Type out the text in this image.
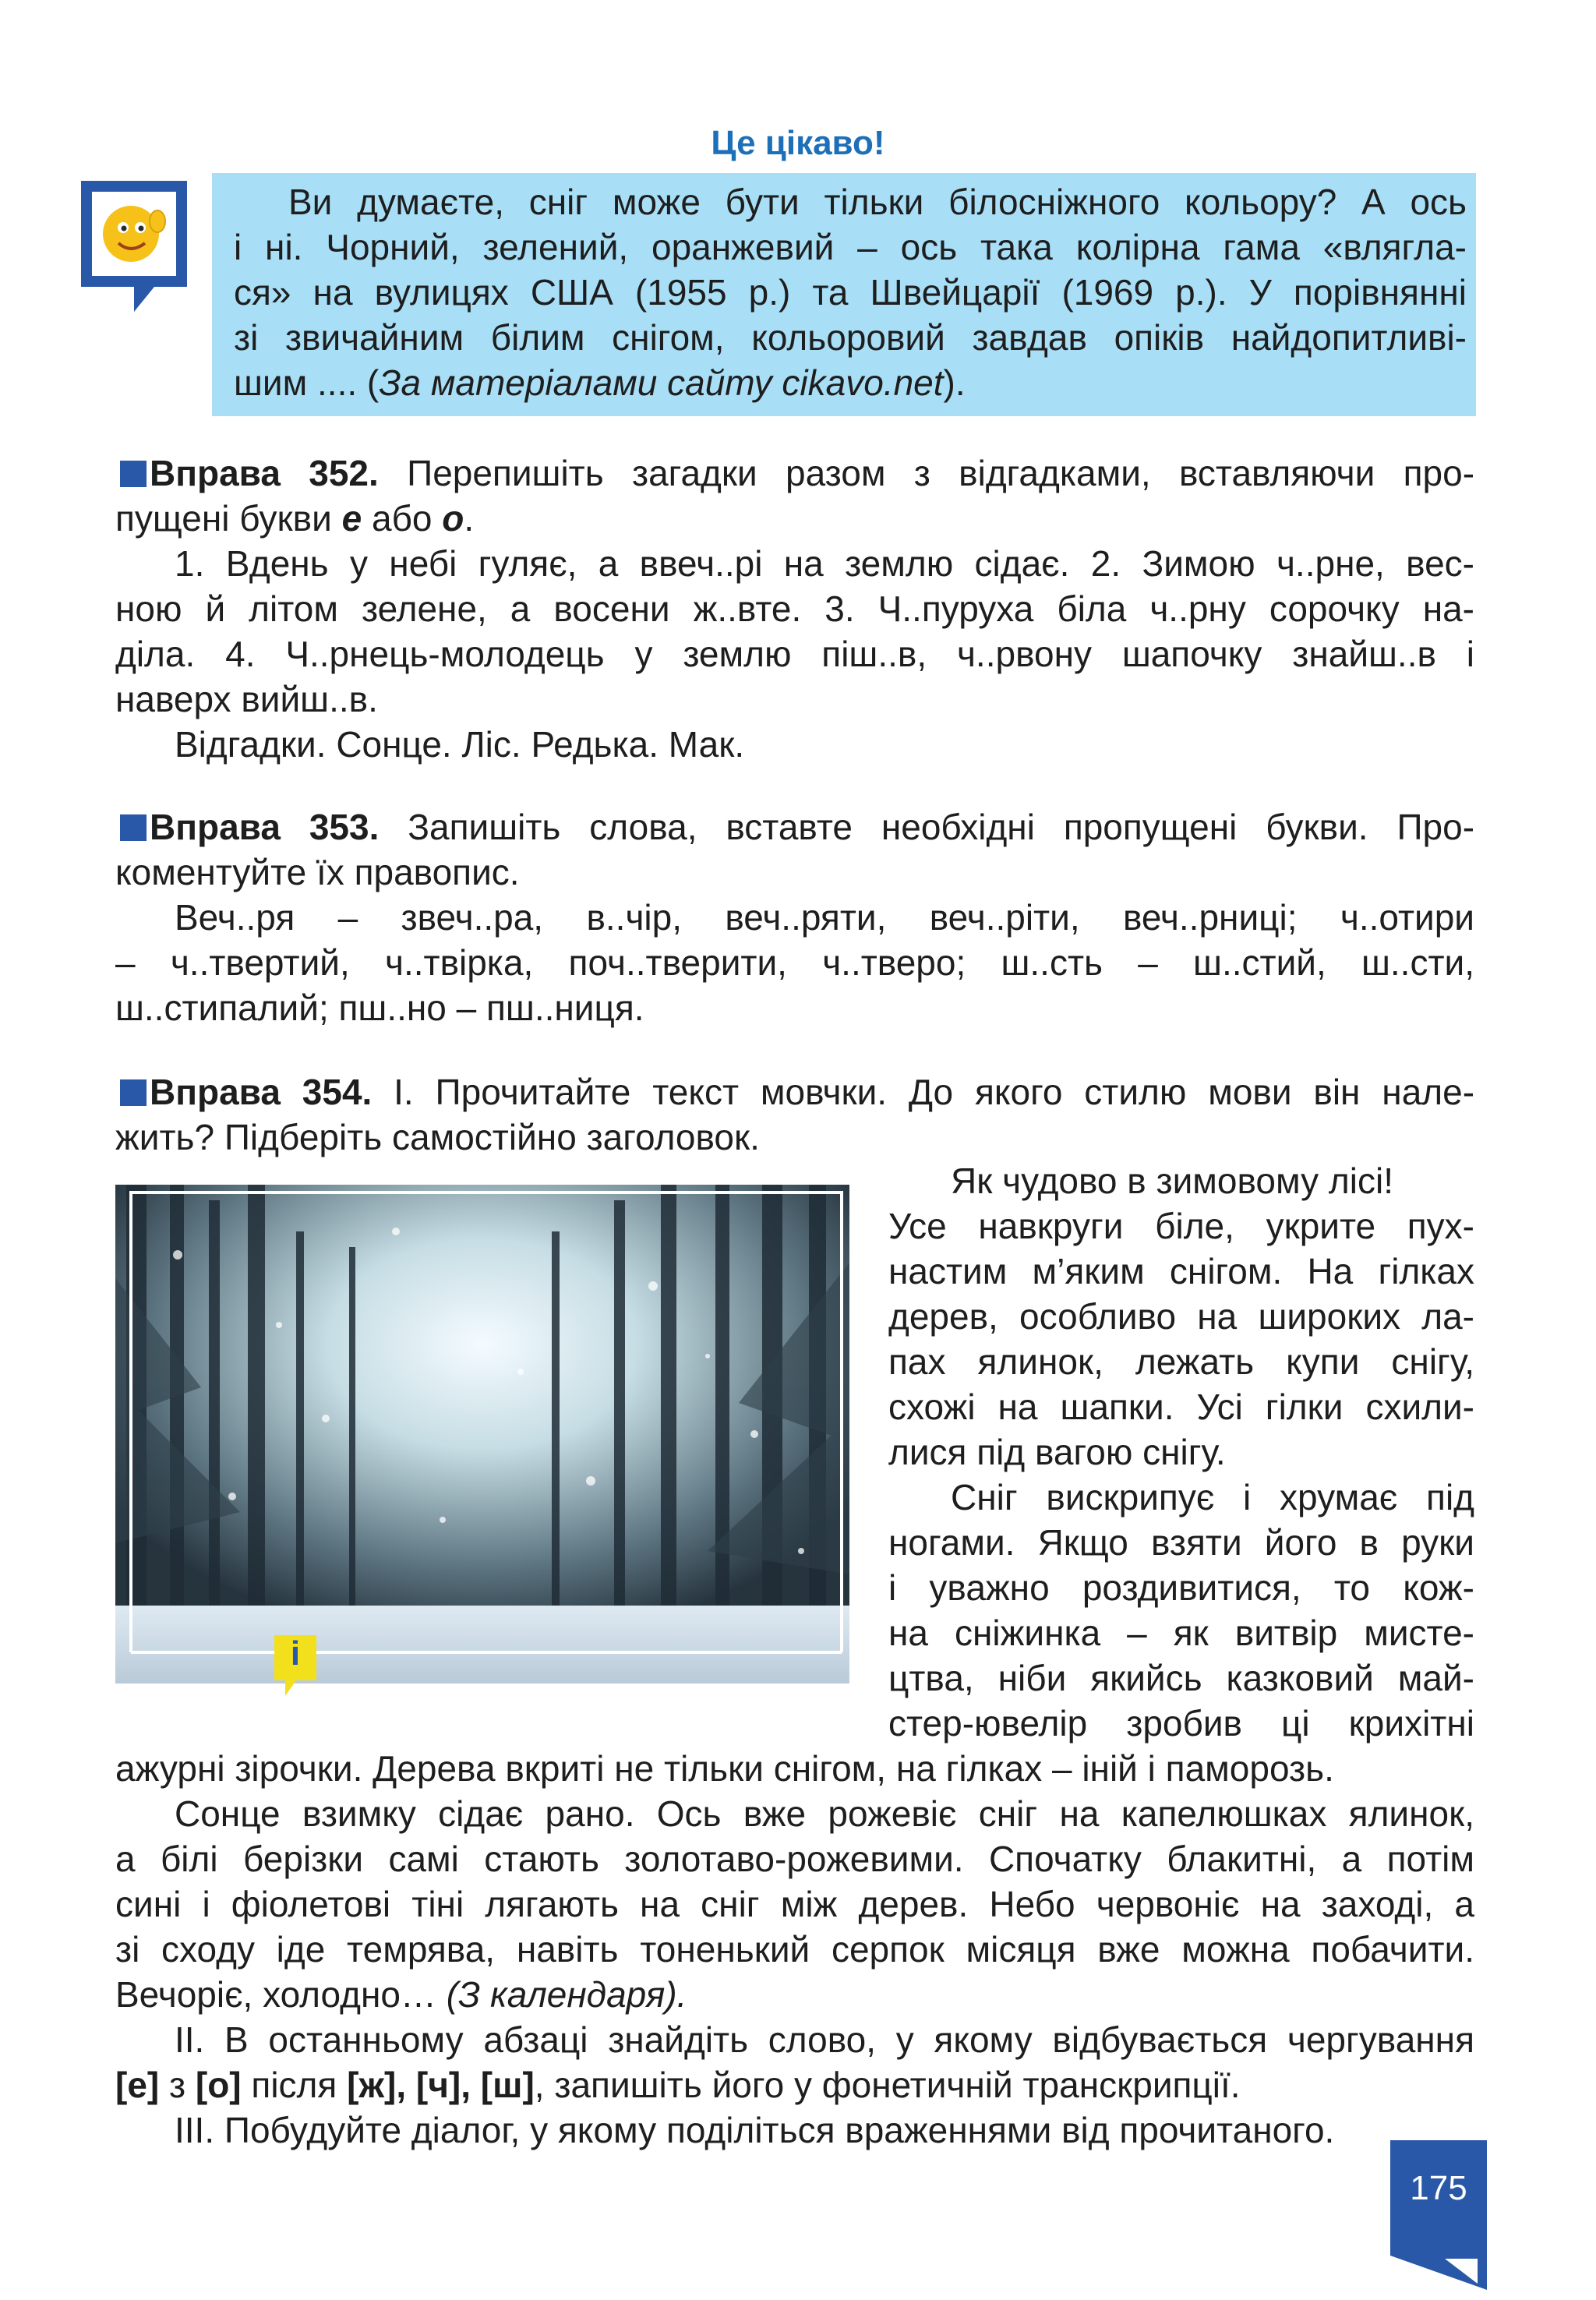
Це цікаво!
Ви думаєте, сніг може бути тільки білосніжного кольору? А ось
і ні. Чорний, зелений, оранжевий – ось така колірна гама «вляглa-
ся» на вулицях США (1955 р.) та Швейцарії (1969 р.). У порівнянні
зі звичайним білим снігом, кольоровий завдав опіків найдопитливі-
шим .... (За матеріалами сайту cikavo.net).
Вправа 352. Перепишіть загадки разом з відгадками, вставляючи про-
пущені букви е або о.
1. Вдень у небі гуляє, а ввеч..рі на землю сідає. 2. Зимою ч..рне, вес-
ною й літом зелене, а восени ж..вте. 3. Ч..пуруха біла ч..рну сорочку на-
діла. 4. Ч..рнець-молодець у землю піш..в, ч..рвону шапочку знайш..в і
наверх вийш..в.
Відгадки. Сонце. Ліс. Редька. Мак.
Вправа 353. Запишіть слова, вставте необхідні пропущені букви. Про-
коментуйте їх правопис.
Веч..ря – звеч..ра, в..чір, веч..ряти, веч..ріти, веч..рниці; ч..отири
– ч..твертий, ч..твірка, поч..тверити, ч..тверо; ш..сть – ш..стий, ш..сти,
ш..стипалий; пш..но – пш..ниця.
Вправа 354. І. Прочитайте текст мовчки. До якого стилю мови він нале-
жить? Підберіть самостійно заголовок.
і
Як чудово в зимовому лісі!
Усе навкруги біле, укрите пух-
настим м’яким снігом. На гілках
дерев, особливо на широких ла-
пах ялинок, лежать купи снігу,
схожі на шапки. Усі гілки схили-
лися під вагою снігу.
Сніг вискрипує і хрумає під
ногами. Якщо взяти його в руки
і уважно роздивитися, то кож-
на сніжинка – як витвір мисте-
цтва, ніби якийсь казковий май-
стер-ювелір зробив ці крихітні
ажурні зірочки. Дерева вкриті не тільки снігом, на гілках – іній і паморозь.
Сонце взимку сідає рано. Ось вже рожевіє сніг на капелюшках ялинок,
а білі берізки самі стають золотаво-рожевими. Спочатку блакитні, а потім
сині і фіолетові тіні лягають на сніг між дерев. Небо червоніє на заході, а
зі сходу іде темрява, навіть тоненький серпок місяця вже можна побачити.
Вечоріє, холодно… (З календаря).
ІІ. В останньому абзаці знайдіть слово, у якому відбувається чергування
[е] з [о] після [ж], [ч], [ш], запишіть його у фонетичній транскрипції.
ІІІ. Побудуйте діалог, у якому поділіться враженнями від прочитаного.
175
